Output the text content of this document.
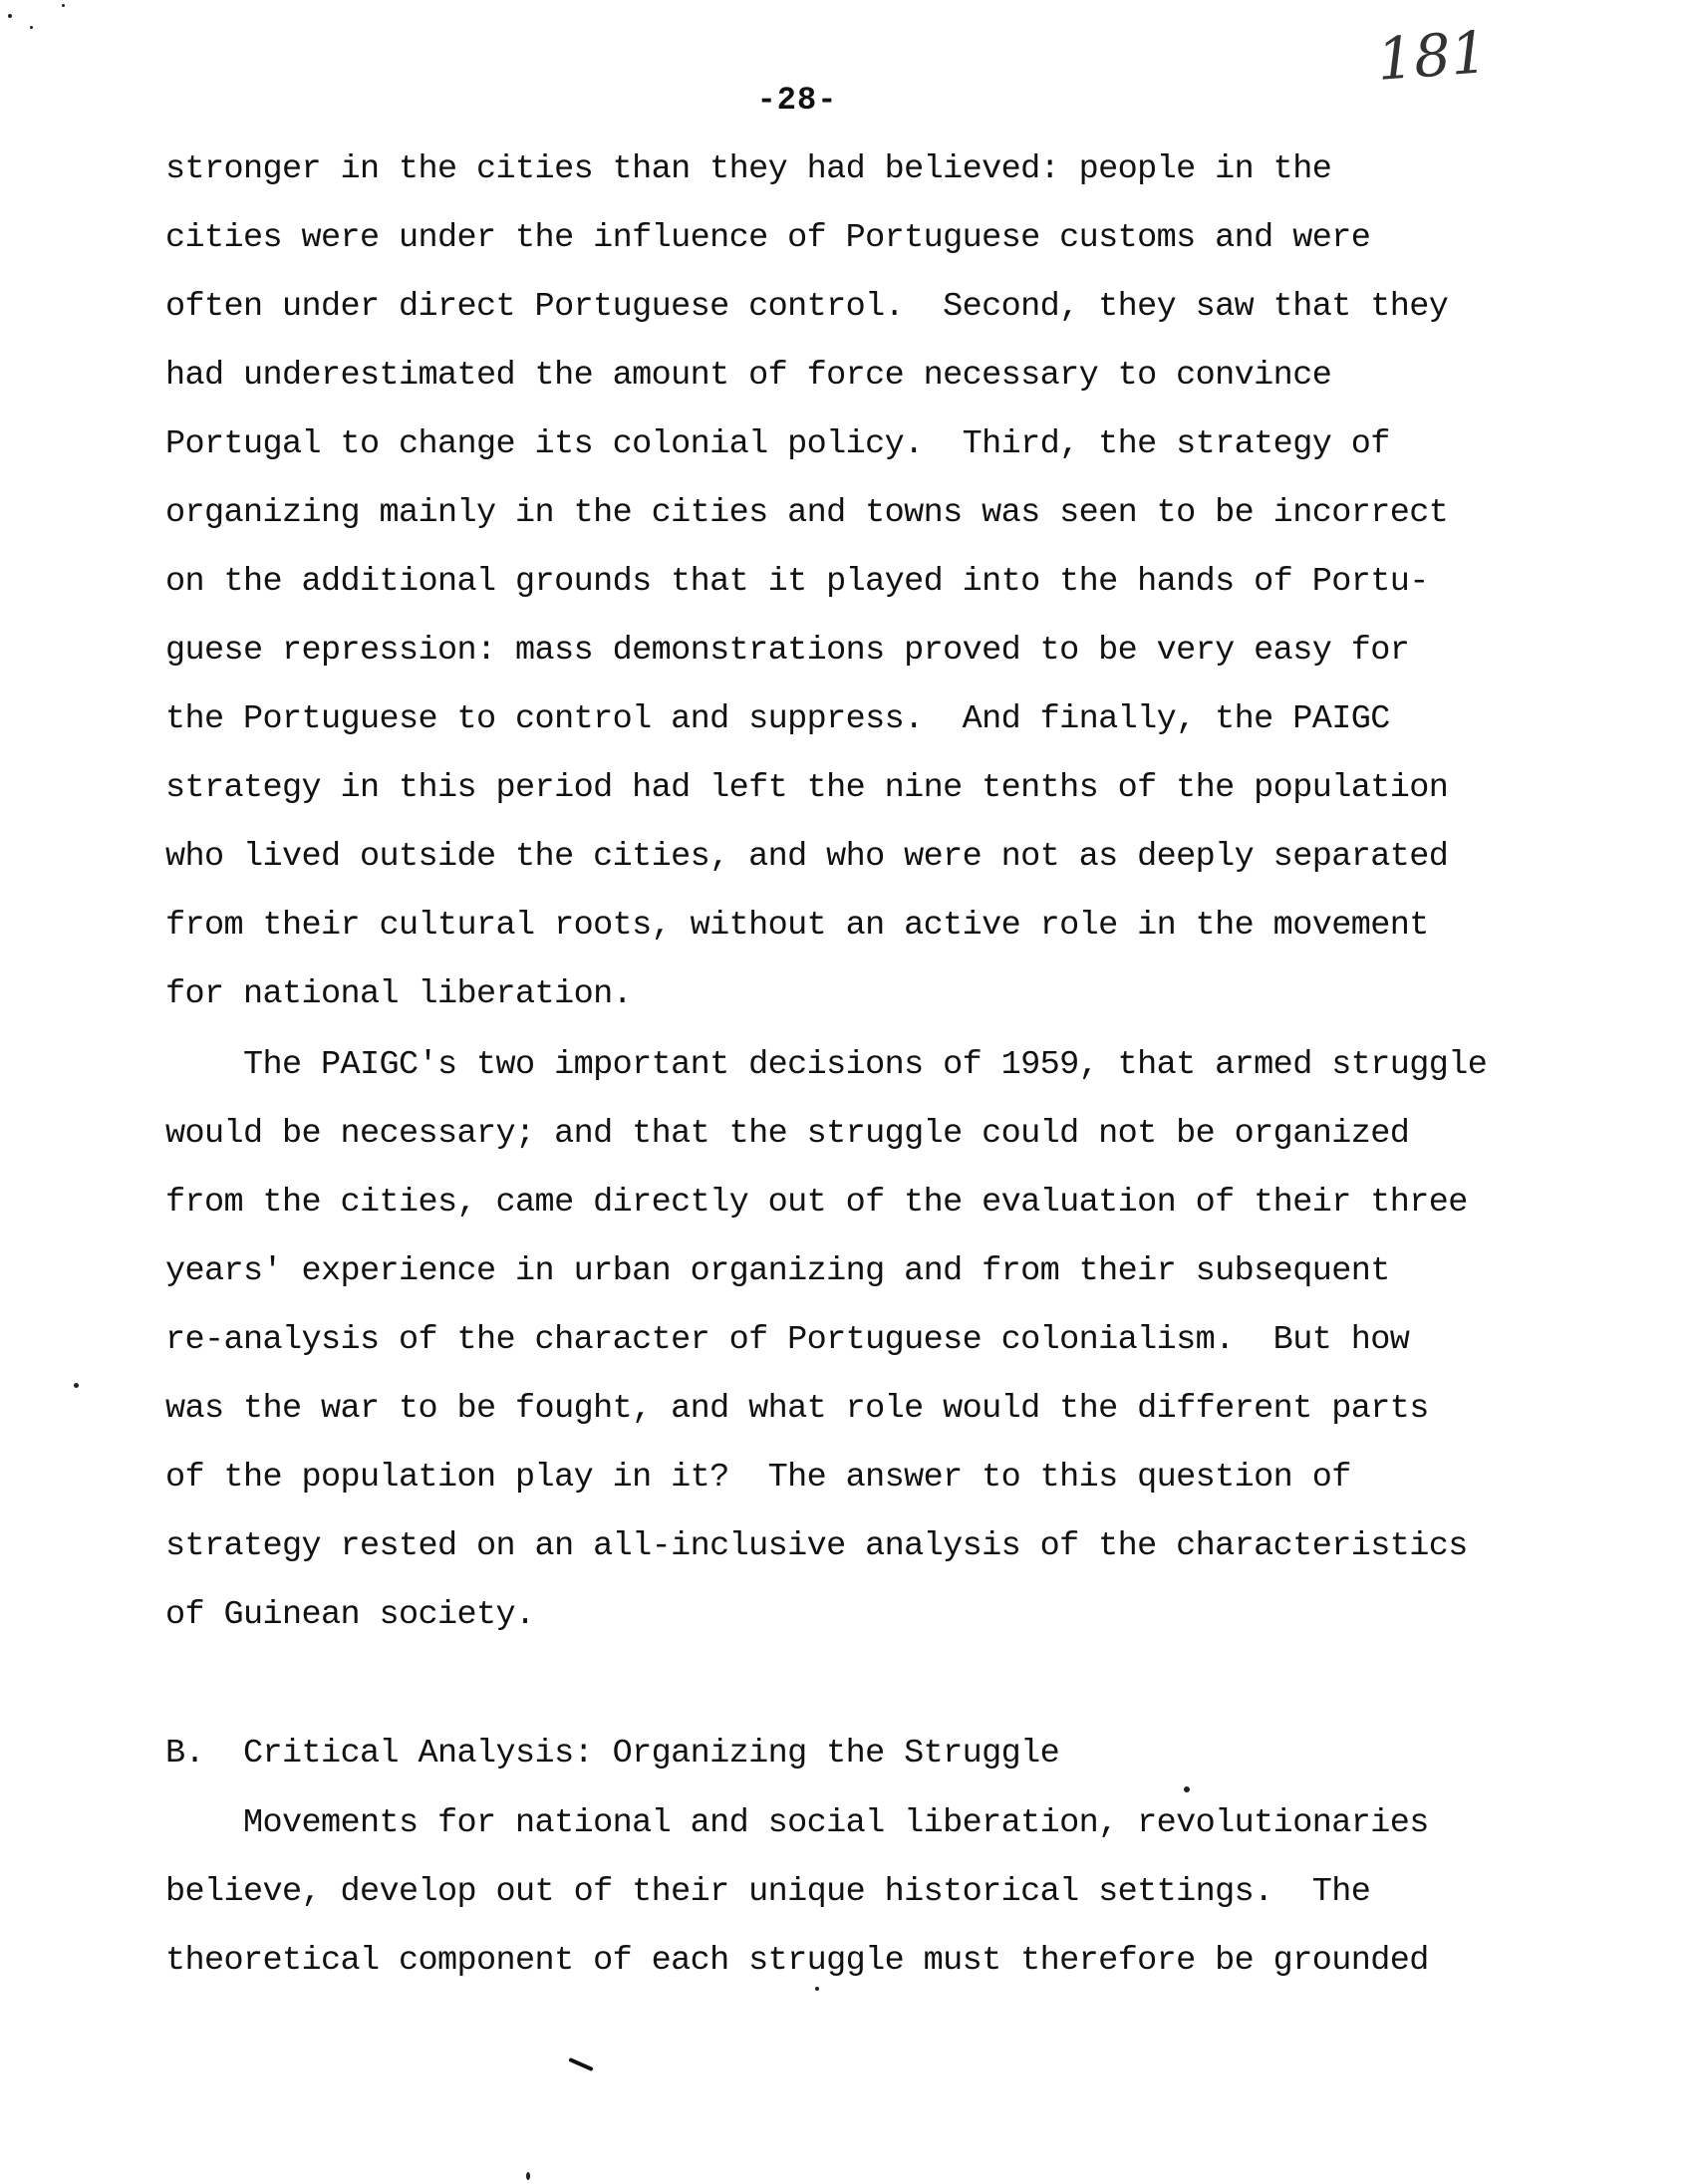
-28-
181
stronger in the cities than they had believed: people in the
cities were under the influence of Portuguese customs and were
often under direct Portuguese control.  Second, they saw that they
had underestimated the amount of force necessary to convince
Portugal to change its colonial policy.  Third, the strategy of
organizing mainly in the cities and towns was seen to be incorrect
on the additional grounds that it played into the hands of Portu-
guese repression: mass demonstrations proved to be very easy for
the Portuguese to control and suppress.  And finally, the PAIGC
strategy in this period had left the nine tenths of the population
who lived outside the cities, and who were not as deeply separated
from their cultural roots, without an active role in the movement
for national liberation.
The PAIGC's two important decisions of 1959, that armed struggle
would be necessary; and that the struggle could not be organized
from the cities, came directly out of the evaluation of their three
years' experience in urban organizing and from their subsequent
re-analysis of the character of Portuguese colonialism.  But how
was the war to be fought, and what role would the different parts
of the population play in it?  The answer to this question of
strategy rested on an all-inclusive analysis of the characteristics
of Guinean society.
B.  Critical Analysis: Organizing the Struggle
Movements for national and social liberation, revolutionaries
believe, develop out of their unique historical settings.  The
theoretical component of each struggle must therefore be grounded
